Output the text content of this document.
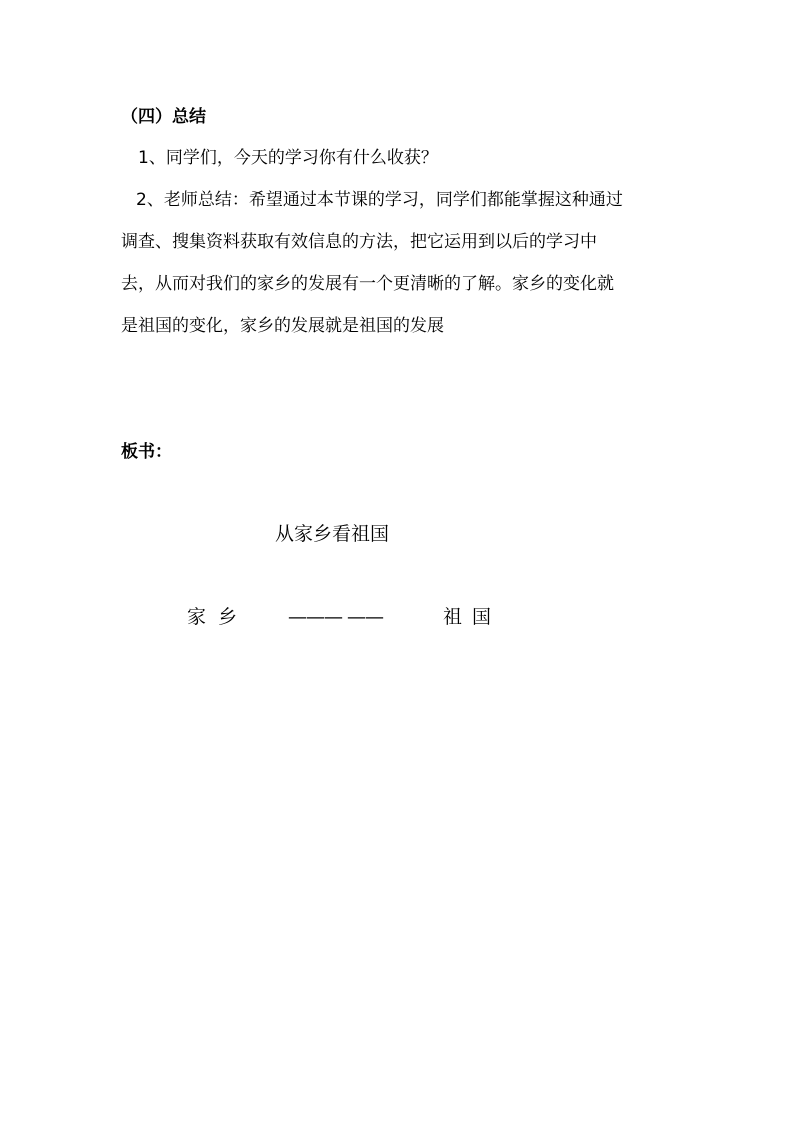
（四）总结
1、同学们，今天的学习你有什么收获？
2、老师总结：希望通过本节课的学习，同学们都能掌握这种通过
调查、搜集资料获取有效信息的方法，把它运用到以后的学习中
去，从而对我们的家乡的发展有一个更清晰的了解。家乡的变化就
是祖国的变化，家乡的发展就是祖国的发展
板书：
从家乡看祖国
家乡 ——— ——	祖国
